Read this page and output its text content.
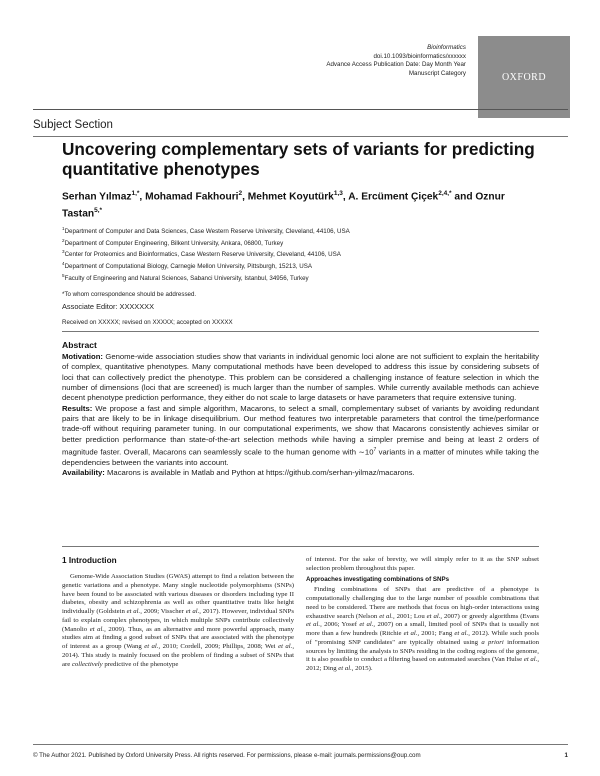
Bioinformatics
doi.10.1093/bioinformatics/xxxxxx
Advance Access Publication Date: Day Month Year
Manuscript Category	OXFORD
Subject Section
Uncovering complementary sets of variants for predicting quantitative phenotypes
Serhan Yılmaz$^{1,*}$, Mohamad Fakhouri$^2$, Mehmet Koyutürk$^{1,3}$, A. Ercüment Çiçek$^{2,4,*}$ and Oznur Tastan$^{5,*}$
$^1$Department of Computer and Data Sciences, Case Western Reserve University, Cleveland, 44106, USA
$^2$Department of Computer Engineering, Bilkent University, Ankara, 06800, Turkey
$^3$Center for Proteomics and Bioinformatics, Case Western Reserve University, Cleveland, 44106, USA
$^4$Department of Computational Biology, Carnegie Mellon University, Pittsburgh, 15213, USA
$^5$Faculty of Engineering and Natural Sciences, Sabanci University, Istanbul, 34956, Turkey
*To whom correspondence should be addressed.
Associate Editor: XXXXXXX
Received on XXXXX; revised on XXXXX; accepted on XXXXX
Abstract

Motivation: Genome-wide association studies show that variants in individual genomic loci alone are not sufficient to explain the heritability of complex, quantitative phenotypes. Many computational methods have been developed to address this issue by considering subsets of loci that can collectively predict the phenotype. This problem can be considered a challenging instance of feature selection in which the number of dimensions (loci that are screened) is much larger than the number of samples. While currently available methods can achieve decent phenotype prediction performance, they either do not scale to large datasets or have parameters that require extensive tuning.

Results: We propose a fast and simple algorithm, Macarons, to select a small, complementary subset of variants by avoiding redundant pairs that are likely to be in linkage disequilibrium. Our method features two interpretable parameters that control the time/performance trade-off without requiring parameter tuning. In our computational experiments, we show that Macarons consistently achieves similar or better prediction performance than state-of-the-art selection methods while having a simpler premise and being at least 2 orders of magnitude faster. Overall, Macarons can seamlessly scale to the human genome with $\sim 10^7$ variants in a matter of minutes while taking the dependencies between the variants into account.

Availability: Macarons is available in Matlab and Python at https://github.com/serhan-yilmaz/macarons.

1 Introduction

Genome-Wide Association Studies (GWAS) attempt to find a relation between the genetic variations and a phenotype. Many single nucleotide polymorphisms (SNPs) have been found to be associated with various diseases or disorders including type II diabetes, obesity and schizophrenia as well as other quantitative traits like height individually (Goldstein et al., 2009; Visscher et al., 2017). However, individual SNPs fail to explain complex phenotypes, in which multiple SNPs contribute collectively (Manolio et al., 2009). Thus, as an alternative and more powerful approach, many studies aim at finding a good subset of SNPs that are associated with the phenotype of interest as a group (Wang et al., 2010; Cordell, 2009; Phillips, 2008; Wei et al., 2014). This study is mainly focused on the problem of finding a subset of SNPs that are collectively predictive of the phenotype

of interest. For the sake of brevity, we will simply refer to it as the SNP subset selection problem throughout this paper.

Approaches investigating combinations of SNPs

Finding combinations of SNPs that are predictive of a phenotype is computationally challenging due to the large number of possible combinations that need to be considered. There are methods that focus on high-order interactions using exhaustive search (Nelson et al., 2001; Lou et al., 2007) or greedy algorithms (Evans et al., 2006; Yosef et al., 2007) on a small, limited pool of SNPs that is usually not more than a few hundreds (Ritchie et al., 2001; Fang et al., 2012). While such pools of "promising SNP candidates" are typically obtained using a priori information sources by limiting the analysis to SNPs residing in the coding regions of the genome, it is also possible to conduct a filtering based on automated searches (Van Hulse et al., 2012; Ding et al., 2015).

© The Author 2021. Published by Oxford University Press. All rights reserved. For permissions, please e-mail: journals.permissions@oup.com	1
